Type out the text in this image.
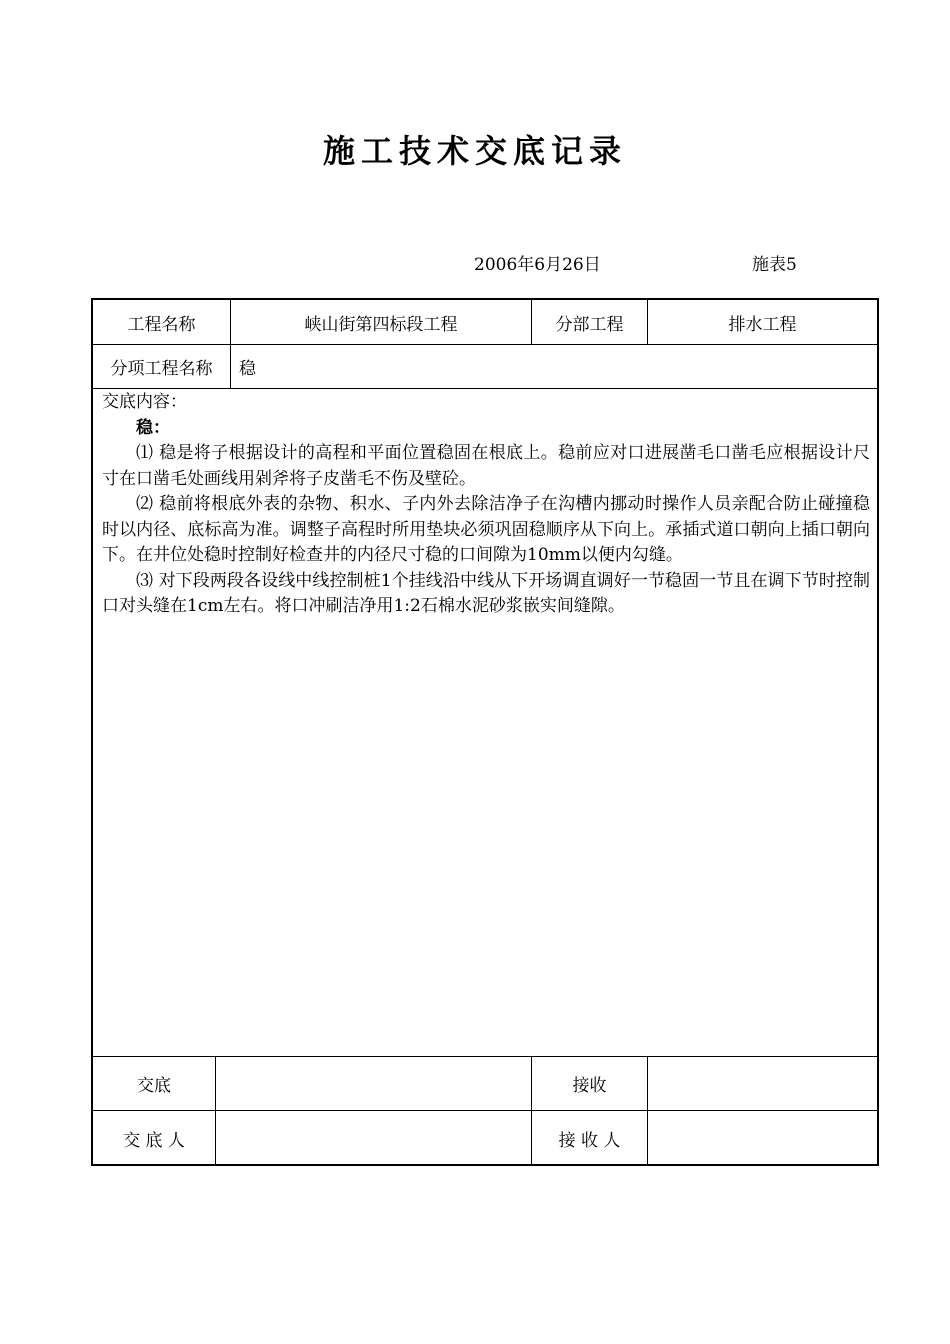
施工技术交底记录
2006年6月26日	施表5
工程名称	峡山街第四标段工程	分部工程	排水工程
分项工程名称	稳

交底内容：

稳：

⑴ 稳是将子根据设计的高程和平面位置稳固在根底上。稳前应对口进展凿毛口凿毛应根据设计尺寸在口凿毛处画线用剁斧将子皮凿毛不伤及壁砼。

⑵ 稳前将根底外表的杂物、积水、子内外去除洁净子在沟槽内挪动时操作人员亲配合防止碰撞稳时以内径、底标高为准。调整子高程时所用垫块必须巩固稳顺序从下向上。承插式道口朝向上插口朝向下。在井位处稳时控制好检查井的内径尺寸稳的口间隙为10mm以便内勾缝。

⑶ 对下段两段各设线中线控制桩1个挂线沿中线从下开场调直调好一节稳固一节且在调下节时控制口对头缝在1cm左右。将口冲刷洁净用1:2石棉水泥砂浆嵌实间缝隙。

交底	接收
交 底 人	接 收 人
